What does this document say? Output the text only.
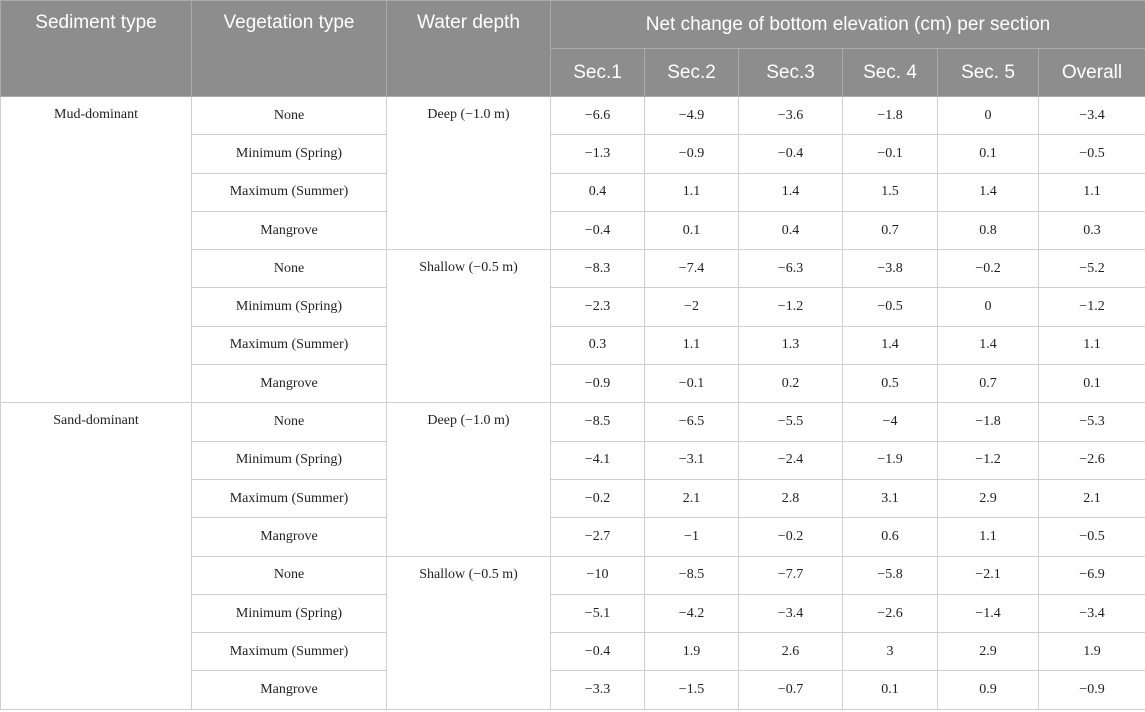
Sediment type	Vegetation type	Water depth	Net change of bottom elevation (cm) per section					
			Sec.1	Sec.2	Sec.3	Sec. 4	Sec. 5	Overall
Mud-dominant	None	Deep (−1.0 m)	−6.6	−4.9	−3.6	−1.8	0	−3.4
	Minimum (Spring)		−1.3	−0.9	−0.4	−0.1	0.1	−0.5
	Maximum (Summer)		0.4	1.1	1.4	1.5	1.4	1.1
	Mangrove		−0.4	0.1	0.4	0.7	0.8	0.3
	None	Shallow (−0.5 m)	−8.3	−7.4	−6.3	−3.8	−0.2	−5.2
	Minimum (Spring)		−2.3	−2	−1.2	−0.5	0	−1.2
	Maximum (Summer)		0.3	1.1	1.3	1.4	1.4	1.1
	Mangrove		−0.9	−0.1	0.2	0.5	0.7	0.1
Sand-dominant	None	Deep (−1.0 m)	−8.5	−6.5	−5.5	−4	−1.8	−5.3
	Minimum (Spring)		−4.1	−3.1	−2.4	−1.9	−1.2	−2.6
	Maximum (Summer)		−0.2	2.1	2.8	3.1	2.9	2.1
	Mangrove		−2.7	−1	−0.2	0.6	1.1	−0.5
	None	Shallow (−0.5 m)	−10	−8.5	−7.7	−5.8	−2.1	−6.9
	Minimum (Spring)		−5.1	−4.2	−3.4	−2.6	−1.4	−3.4
	Maximum (Summer)		−0.4	1.9	2.6	3	2.9	1.9
	Mangrove		−3.3	−1.5	−0.7	0.1	0.9	−0.9
